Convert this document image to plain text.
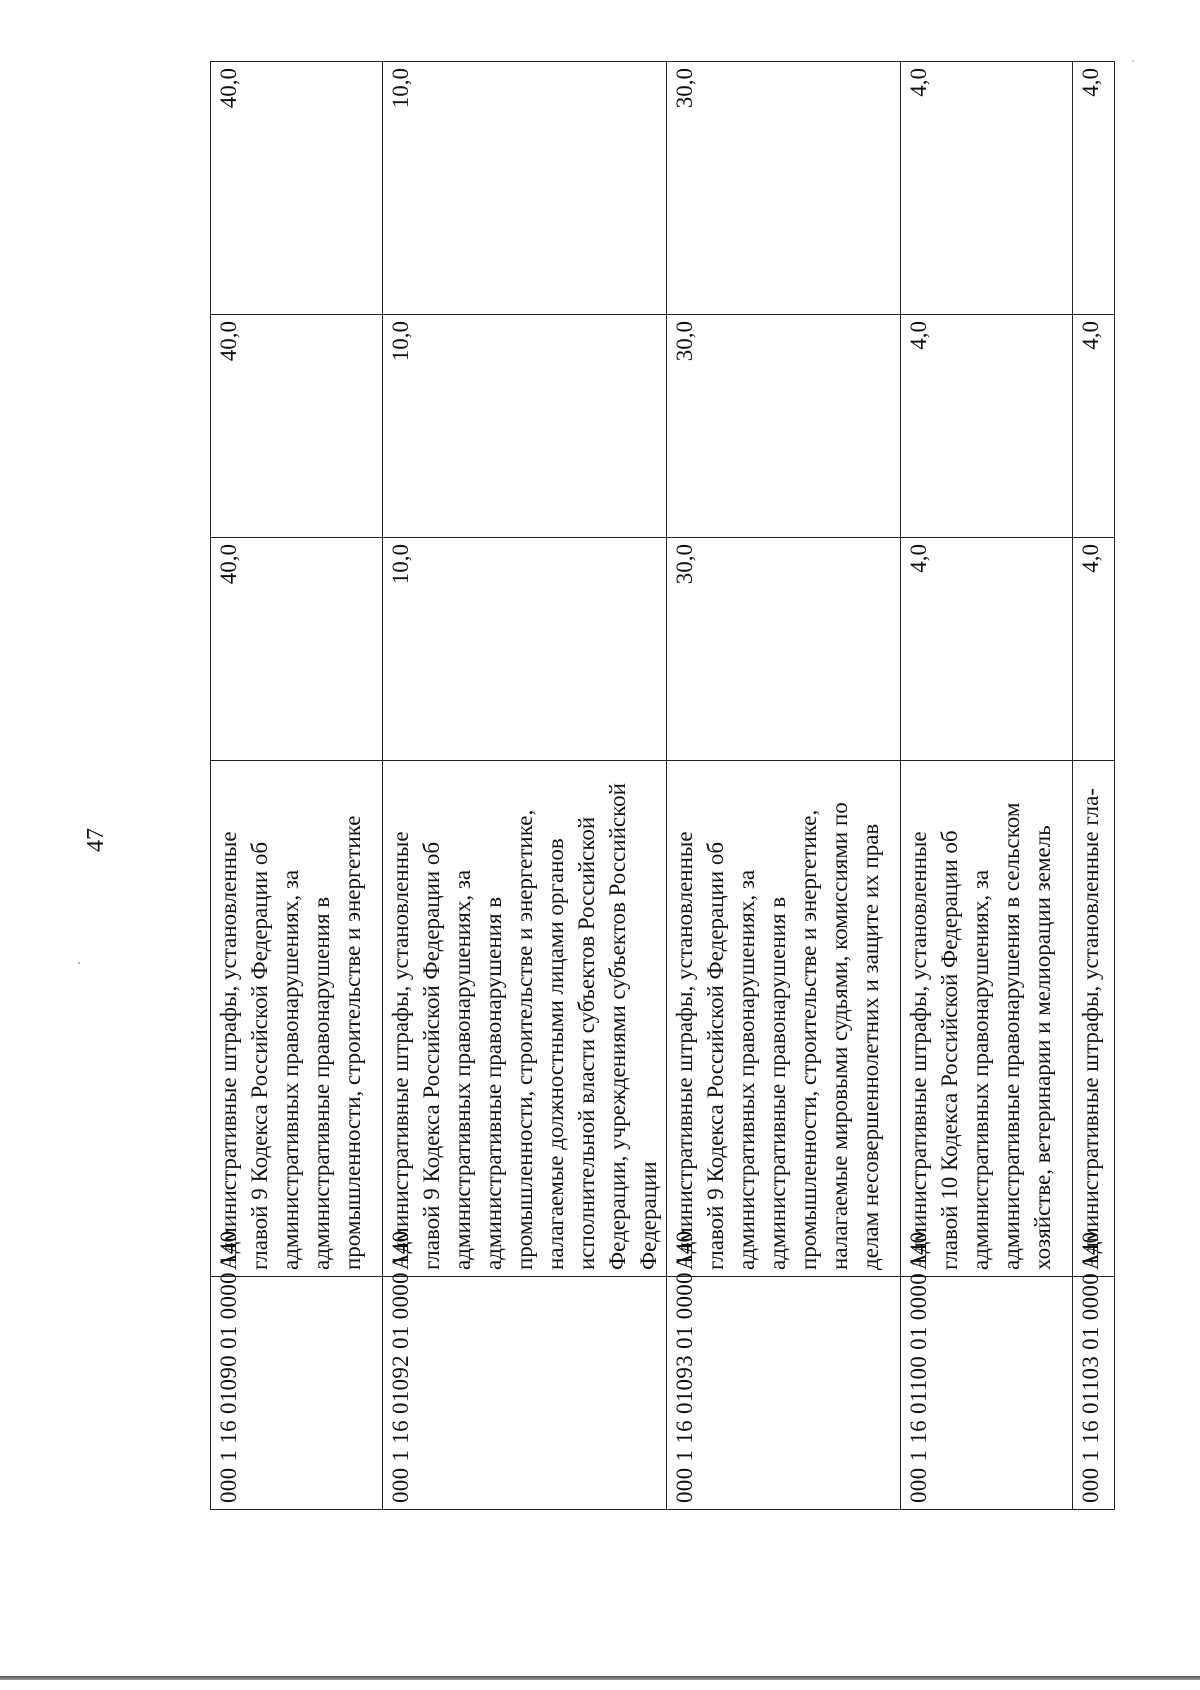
47
000 1 16 01090 01 0000 140	Административные штрафы, установленные главой 9 Кодекса Российской Федерации об административных правонарушениях, за административные правонарушения в промышленности, строительстве и энергетике	40,0	40,0	40,0
000 1 16 01092 01 0000 140	Административные штрафы, установленные главой 9 Кодекса Российской Федерации об административных правонарушениях, за административные правонарушения в промышленности, строительстве и энергетике, налагаемые должностными лицами органов исполнительной власти субъектов Российской Федерации, учреждениями субъектов Российской Федерации	10,0	10,0	10,0
000 1 16 01093 01 0000 140	Административные штрафы, установленные главой 9 Кодекса Российской Федерации об административных правонарушениях, за административные правонарушения в промышленности, строительстве и энергетике, налагаемые мировыми судьями, комиссиями по делам несовершеннолетних и защите их прав	30,0	30,0	30,0
000 1 16 01100 01 0000 140	Административные штрафы, установленные главой 10 Кодекса Российской Федерации об административных правонарушениях, за административные правонарушения в сельском хозяйстве, ветеринарии и мелиорации земель	4,0	4,0	4,0
000 1 16 01103 01 0000 140	Административные штрафы, установленные гла-	4,0	4,0	4,0
